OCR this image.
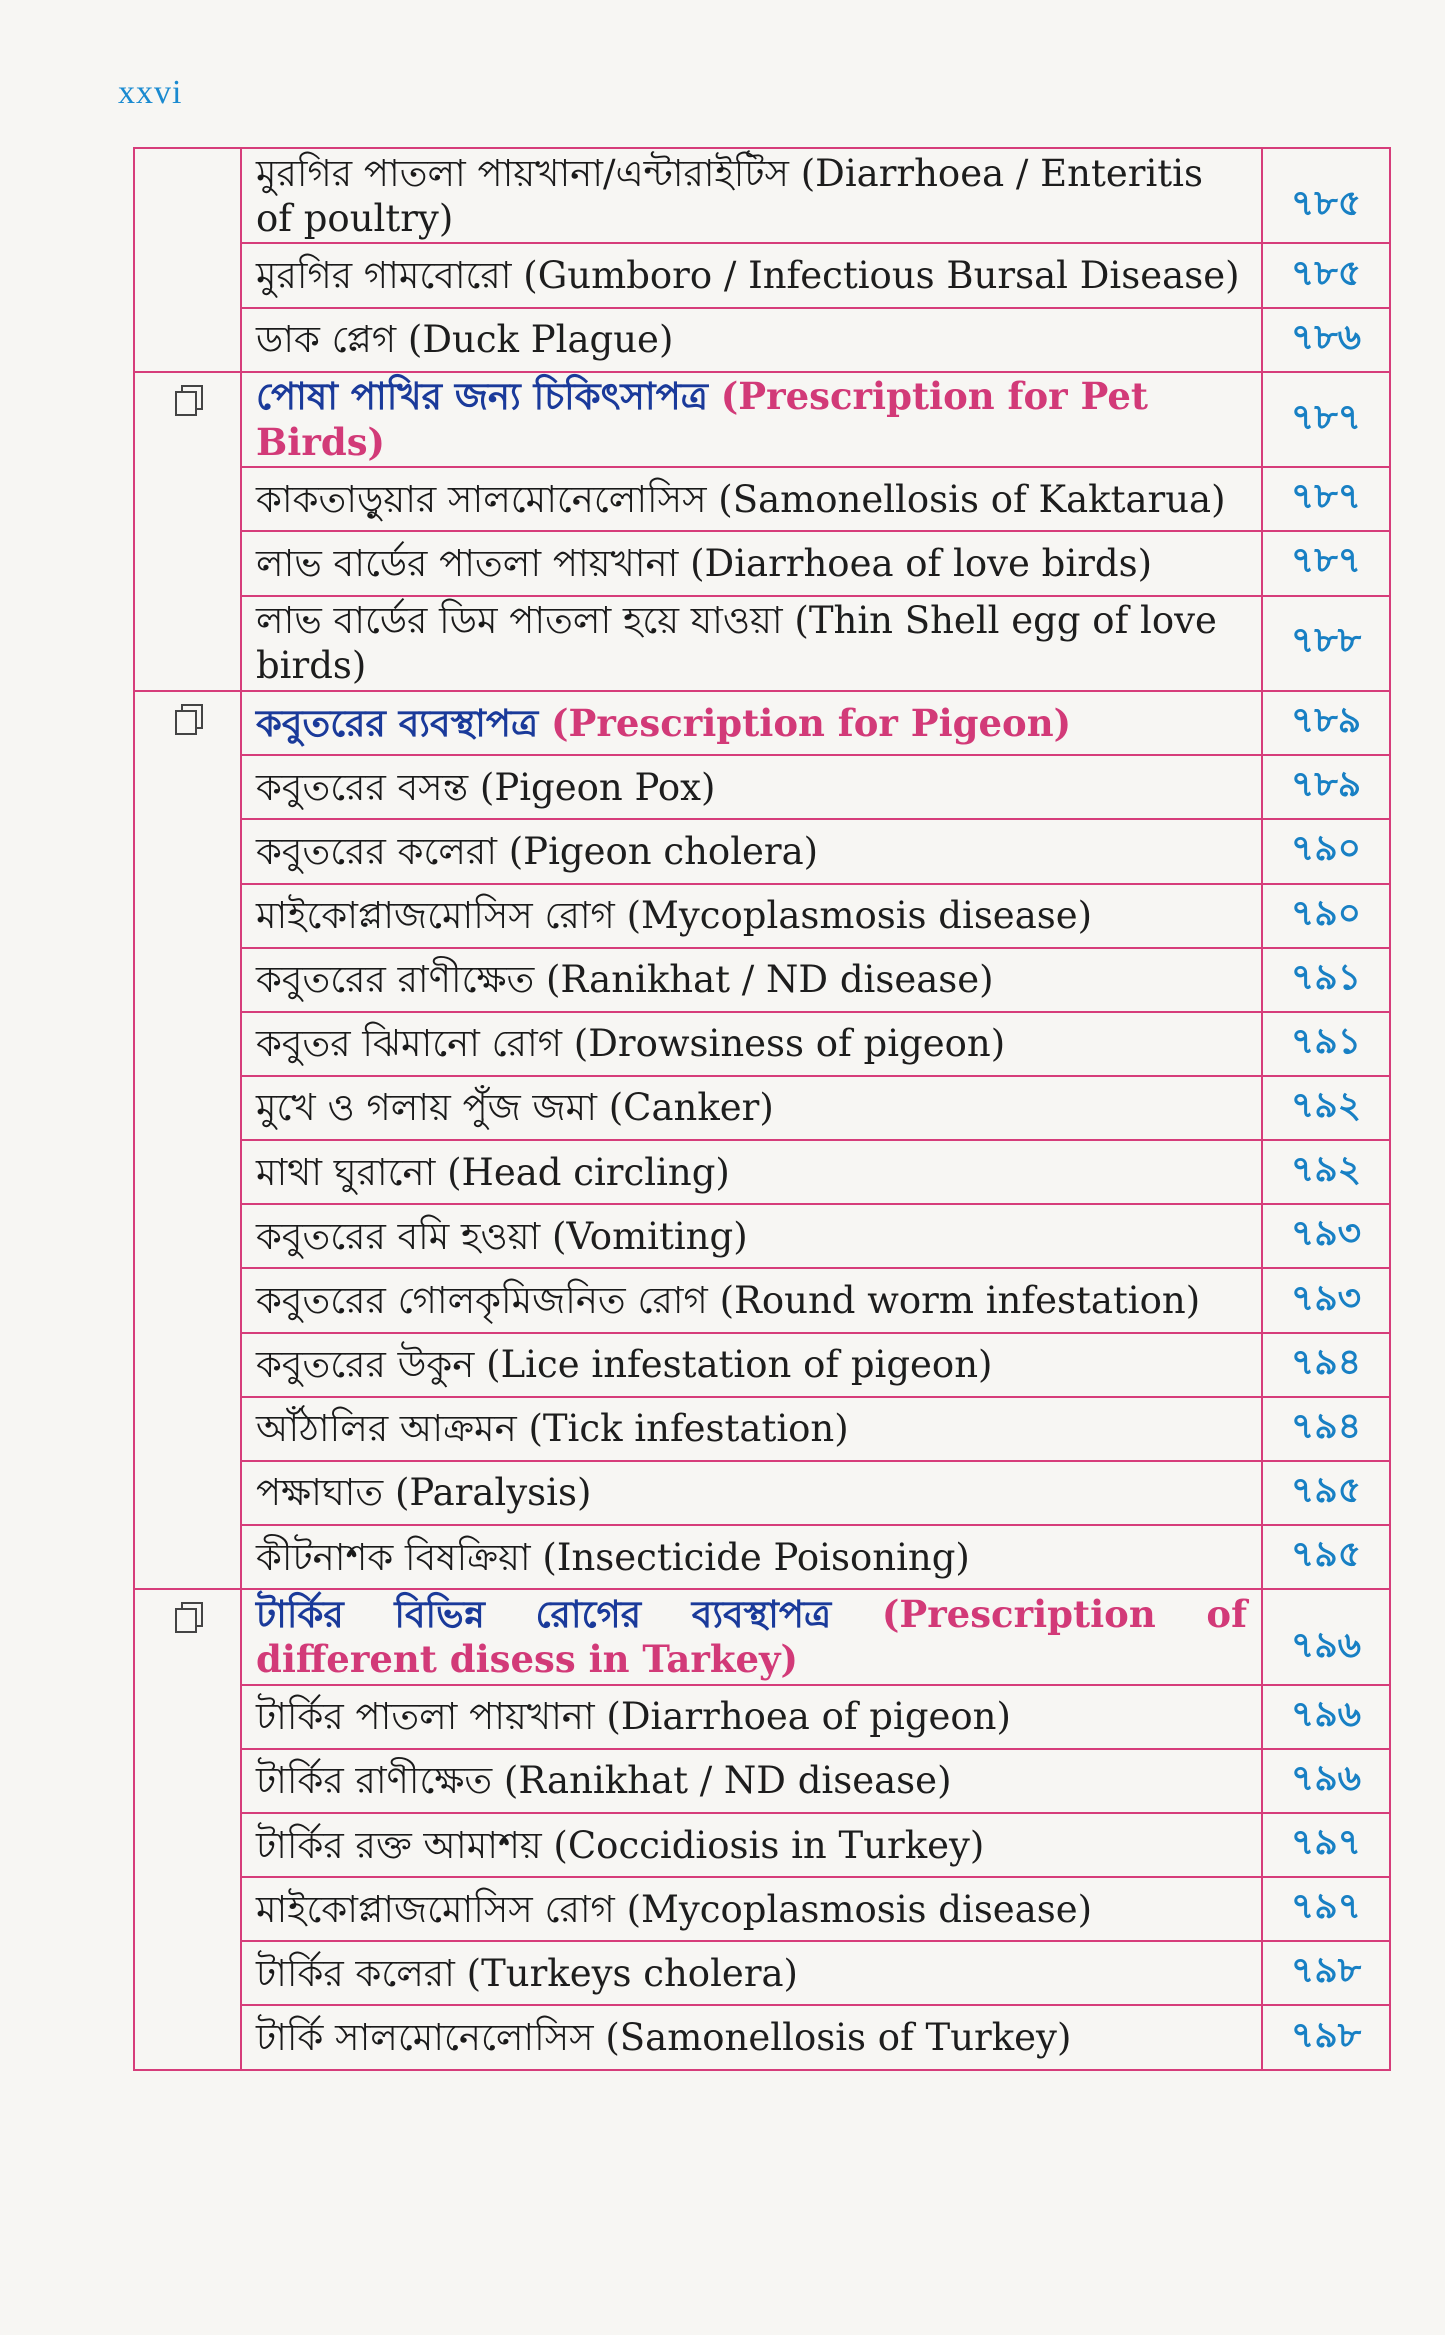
xxvi
	মুরগির পাতলা পায়খানা/এন্টারাইটিস (Diarrhoea / Enteritis of poultry)	৭৮৫
	মুরগির গামবোরো (Gumboro / Infectious Bursal Disease)	৭৮৫
	ডাক প্লেগ (Duck Plague)	৭৮৬
	পোষা পাখির জন্য চিকিৎসাপত্র (Prescription for Pet Birds)	৭৮৭
	কাকতাড়ুয়ার সালমোনেলোসিস (Samonellosis of Kaktarua)	৭৮৭
	লাভ বার্ডের পাতলা পায়খানা (Diarrhoea of love birds)	৭৮৭
	লাভ বার্ডের ডিম পাতলা হয়ে যাওয়া (Thin Shell egg of love birds)	৭৮৮
	কবুতরের ব্যবস্থাপত্র (Prescription for Pigeon)	৭৮৯
	কবুতরের বসন্ত (Pigeon Pox)	৭৮৯
	কবুতরের কলেরা (Pigeon cholera)	৭৯০
	মাইকোপ্লাজমোসিস রোগ (Mycoplasmosis disease)	৭৯০
	কবুতরের রাণীক্ষেত (Ranikhat / ND disease)	৭৯১
	কবুতর ঝিমানো রোগ (Drowsiness of pigeon)	৭৯১
	মুখে ও গলায় পুঁজ জমা (Canker)	৭৯২
	মাথা ঘুরানো (Head circling)	৭৯২
	কবুতরের বমি হওয়া (Vomiting)	৭৯৩
	কবুতরের গোলকৃমিজনিত রোগ (Round worm infestation)	৭৯৩
	কবুতরের উকুন (Lice infestation of pigeon)	৭৯৪
	আঁঠালির আক্রমন (Tick infestation)	৭৯৪
	পক্ষাঘাত (Paralysis)	৭৯৫
	কীটনাশক বিষক্রিয়া (Insecticide Poisoning)	৭৯৫
	টার্কির বিভিন্ন রোগের ব্যবস্থাপত্র (Prescription of different disess in Tarkey)	৭৯৬
	টার্কির পাতলা পায়খানা (Diarrhoea of pigeon)	৭৯৬
	টার্কির রাণীক্ষেত (Ranikhat / ND disease)	৭৯৬
	টার্কির রক্ত আমাশয় (Coccidiosis in Turkey)	৭৯৭
	মাইকোপ্লাজমোসিস রোগ (Mycoplasmosis disease)	৭৯৭
	টার্কির কলেরা (Turkeys cholera)	৭৯৮
	টার্কি সালমোনেলোসিস (Samonellosis of Turkey)	৭৯৮
